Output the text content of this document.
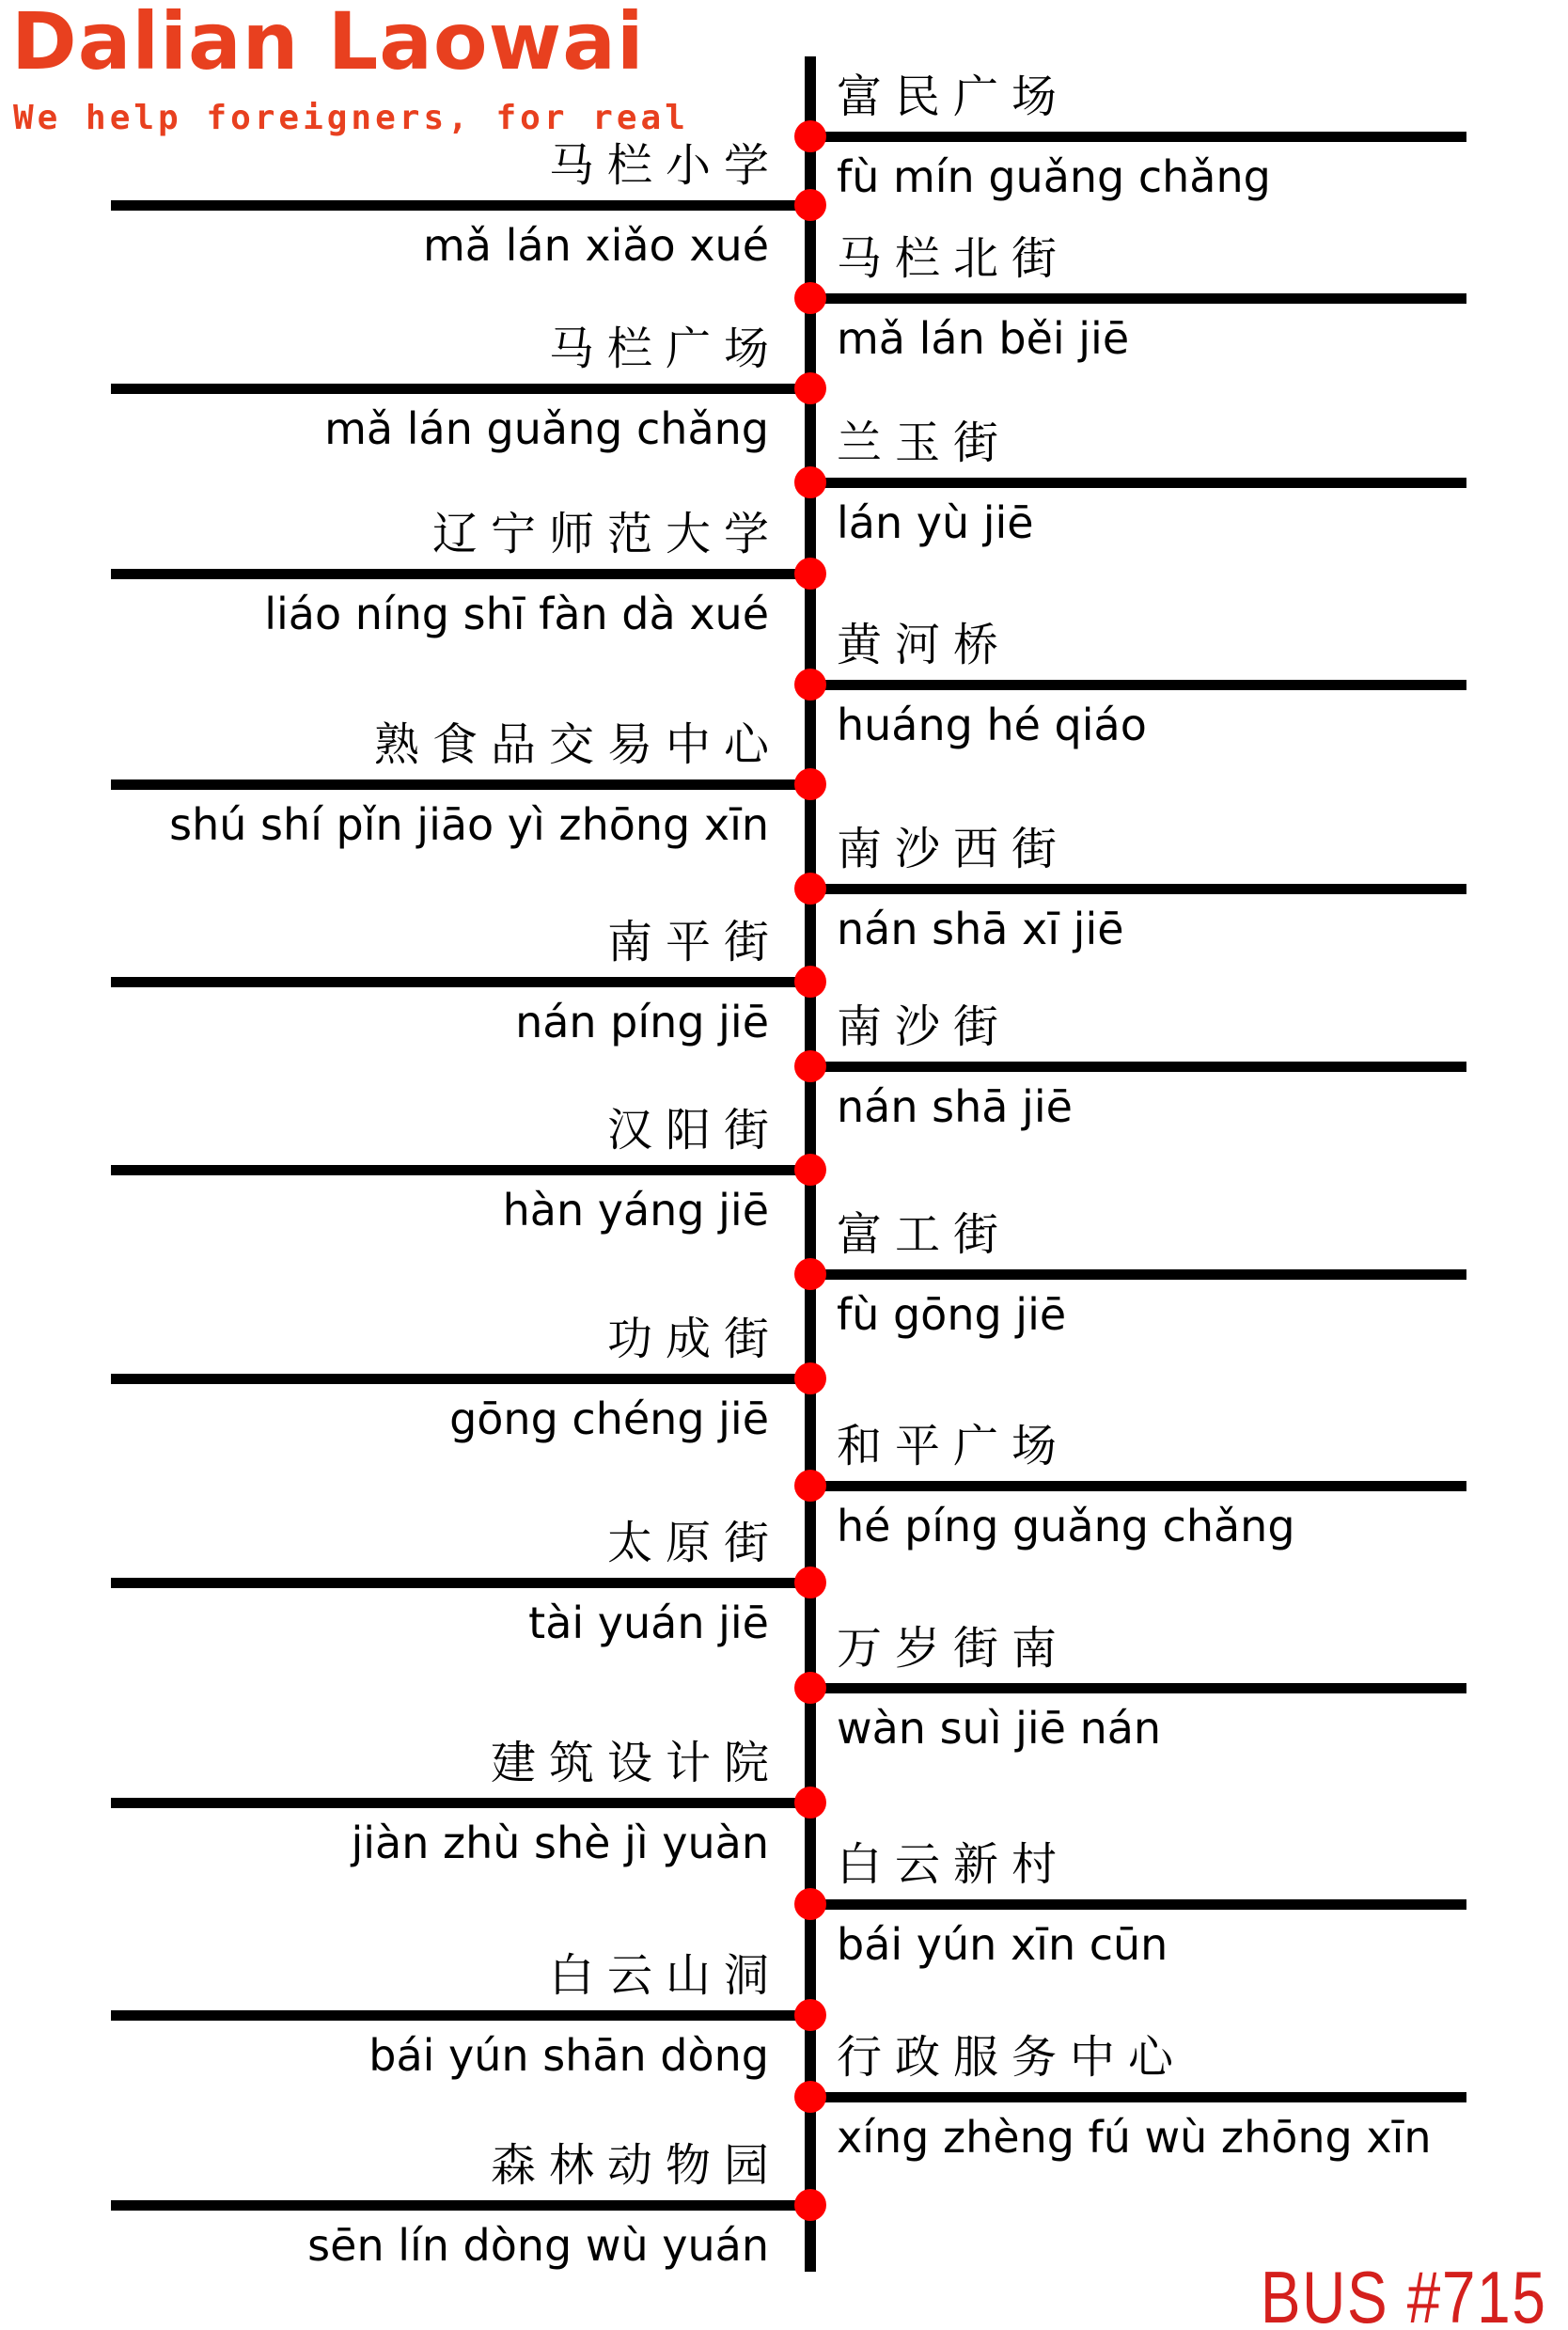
Dalian Laowai
We help foreigners, for real	富民广场
fù mín guǎng chǎng
马栏小学
mǎ lán xiǎo xué 马栏北街
mǎ lán běi jiē
马栏广场
mǎ lán guǎng chǎng 兰玉街
lán yù jiē
辽宁师范大学
liáo níng shī fàn dà xué
黄河桥
huáng hé qiáo
熟食品交易中心
shú shí pǐn jiāo yì zhōng xīn 南沙西街
nán shā xī jiē
南平街
nán píng jiē 南沙街
nán shā jiē
汉阳街
hàn yáng jiē 富工街
fù gōng jiē
功成街
gōng chéng jiē
和平广场
hé píng guǎng chǎng
太原街
tài yuán jiē 万岁街南
wàn suì jiē nán
建筑设计院
jiàn zhù shè jì yuàn 白云新村
bái yún xīn cūn
白云山洞
bái yún shān dòng 行政服务中心
xíng zhèng fú wù zhōng xīn
森林动物园
sēn lín dòng wù yuán
BUS #715
